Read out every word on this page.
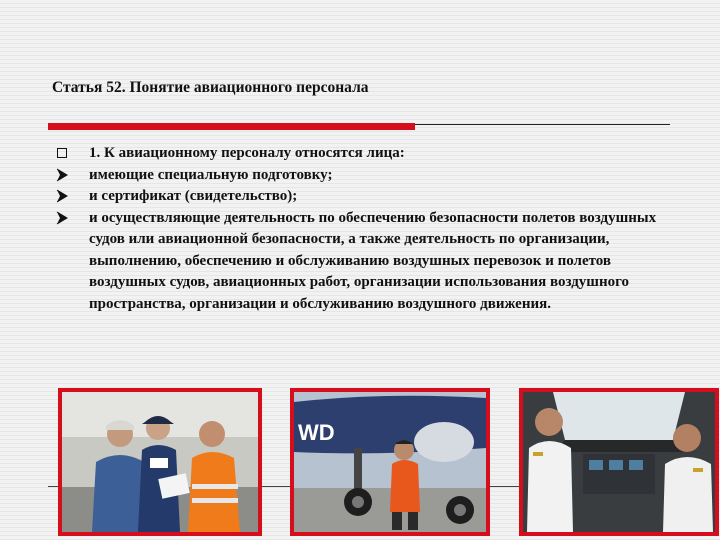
Статья 52. Понятие авиационного персонала
1. К авиационному персоналу относятся лица:
имеющие специальную подготовку;
и сертификат (свидетельство);
и осуществляющие деятельность по обеспечению безопасности полетов воздушных судов или авиационной безопасности, а также деятельность по организации, выполнению, обеспечению и обслуживанию воздушных перевозок и полетов воздушных судов, авиационных работ, организации использования воздушного пространства, организации и обслуживанию воздушного движения.
WD
